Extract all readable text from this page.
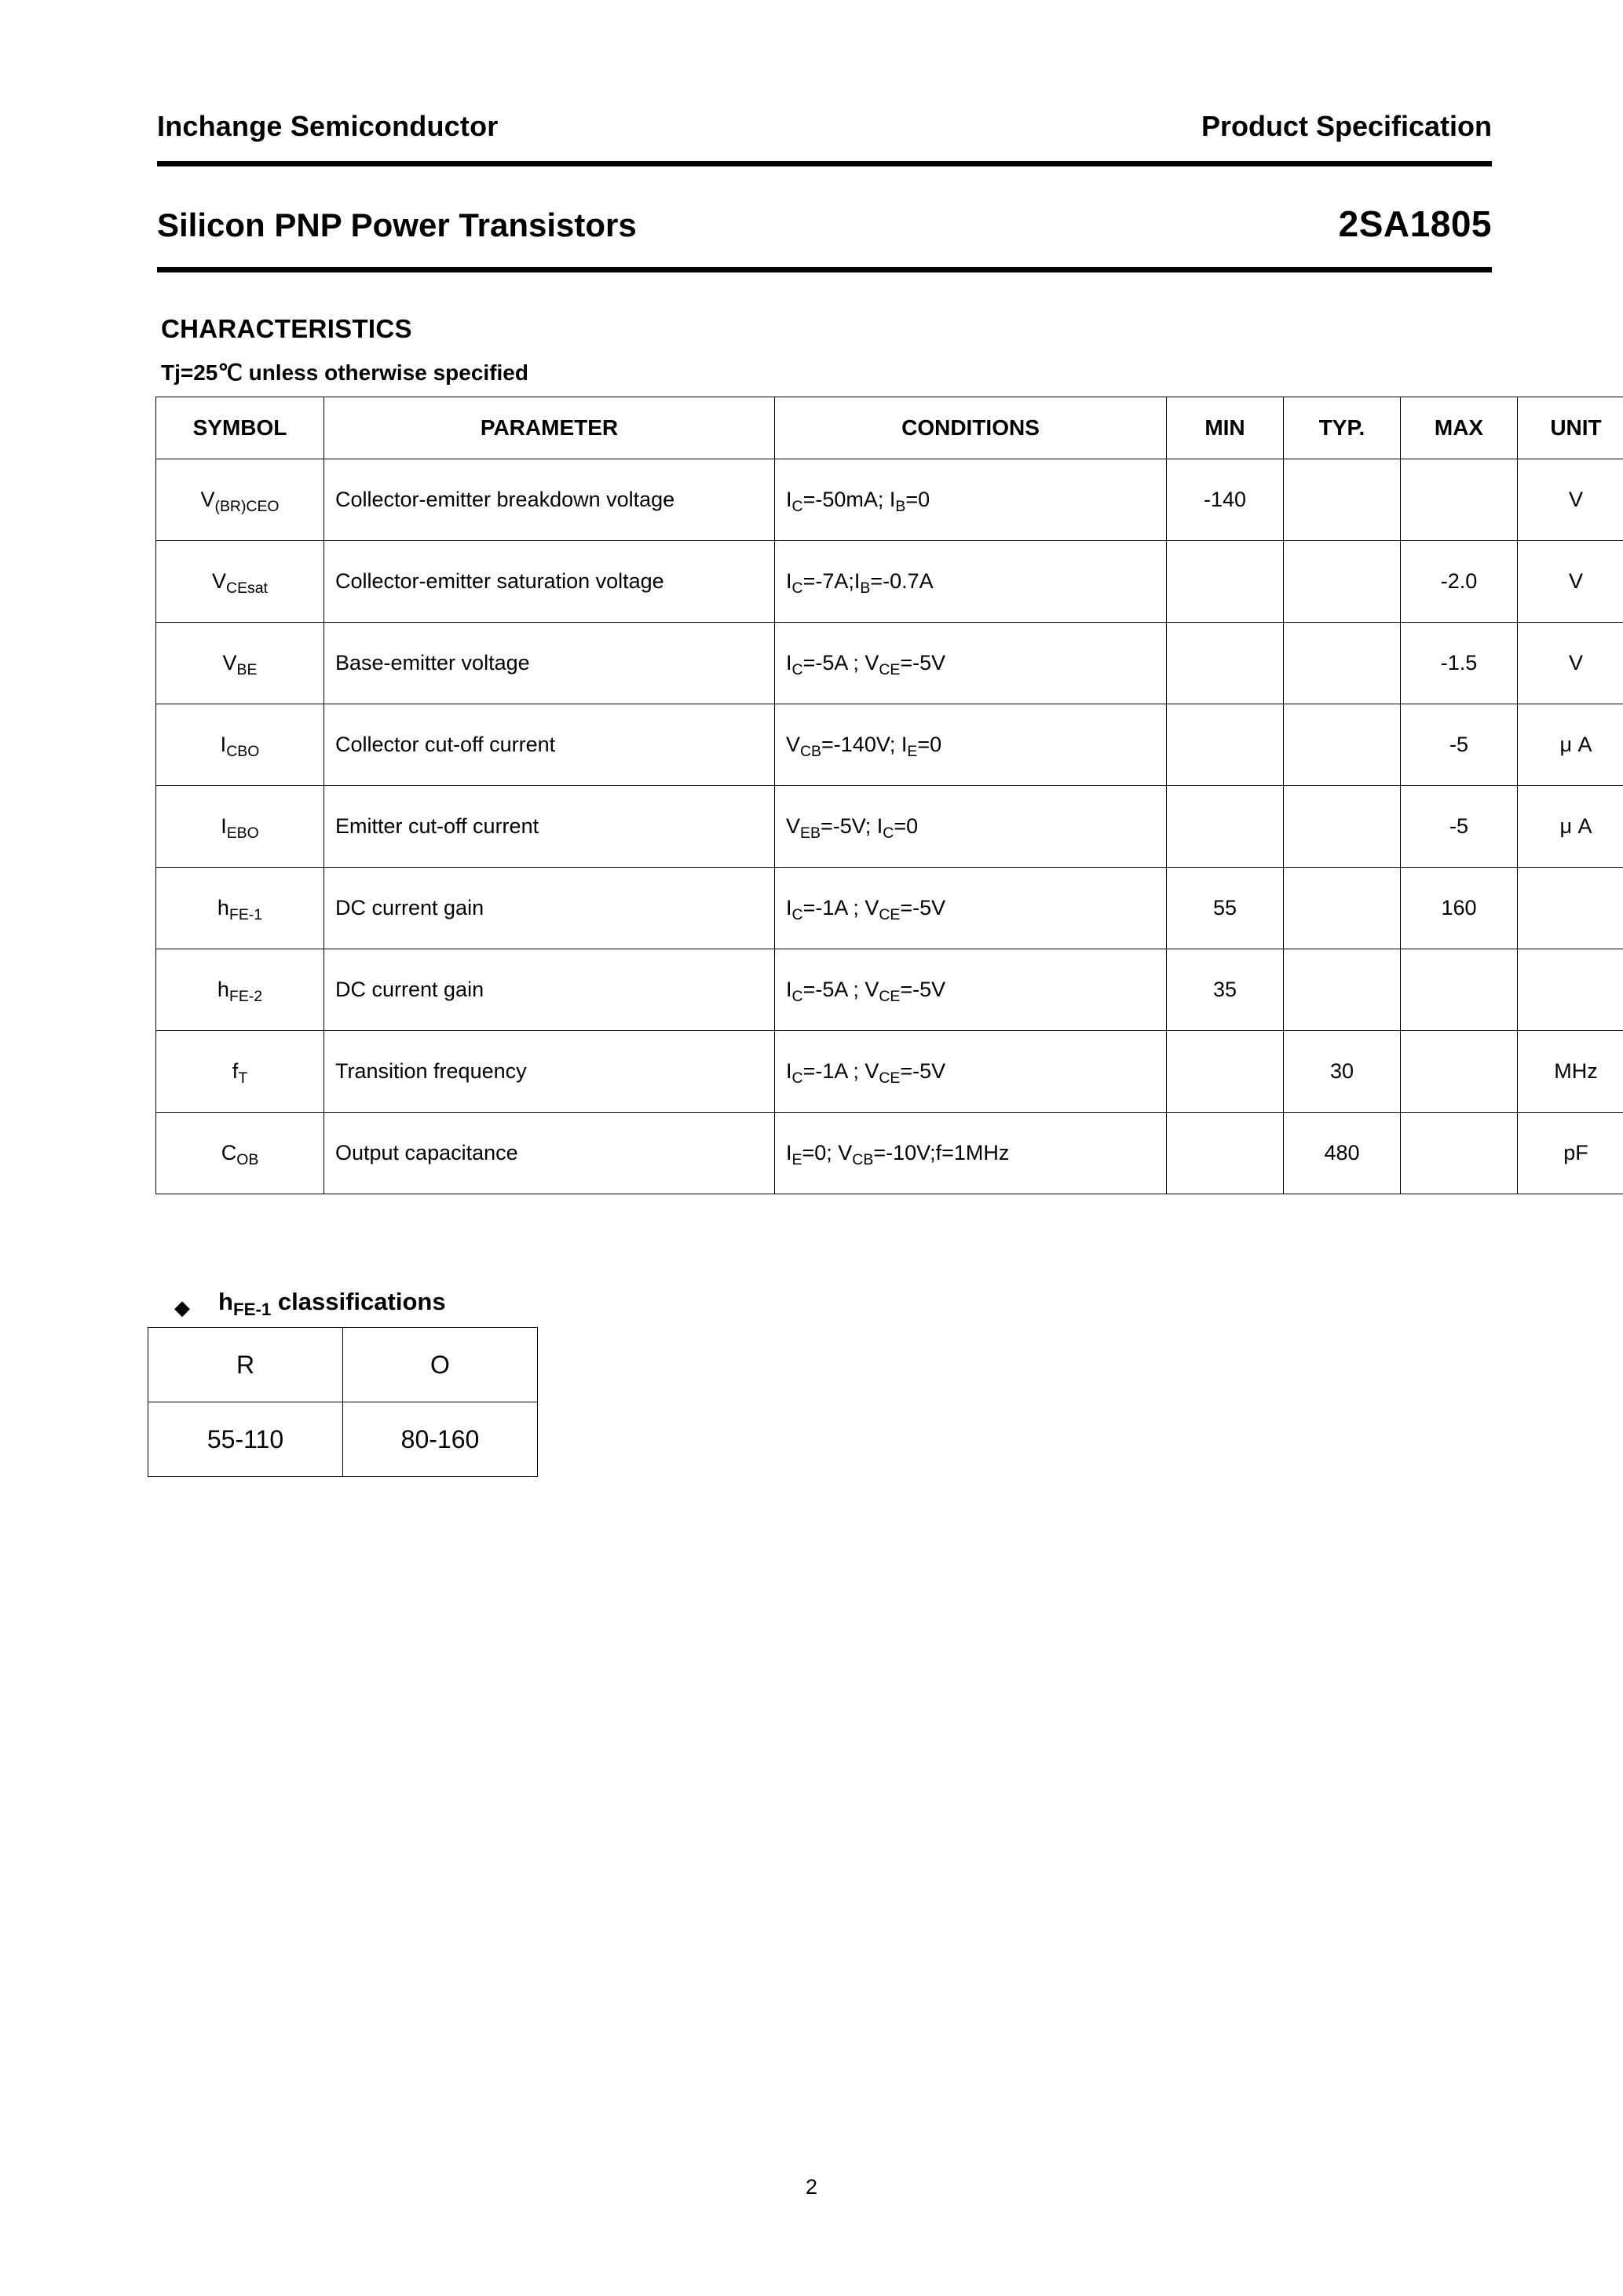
Inchange Semiconductor	Product Specification
Silicon PNP Power Transistors	2SA1805
CHARACTERISTICS
Tj=25℃ unless otherwise specified
SYMBOL	PARAMETER	CONDITIONS	MIN	TYP.	MAX	UNIT
$V_{(BR)CEO}$	Collector-emitter breakdown voltage	$I_C=-50mA$; $I_B=0$	-140			V
$V_{CEsat}$	Collector-emitter saturation voltage	$I_C=-7A;I_B=-0.7A$			-2.0	V
$V_{BE}$	Base-emitter voltage	$I_C=-5A$ ; $V_{CE}=-5V$			-1.5	V
$I_{CBO}$	Collector cut-off current	$V_{CB}=-140V$; $I_E=0$			-5	μ A
$I_{EBO}$	Emitter cut-off current	$V_{EB}=-5V$; $I_C=0$			-5	μ A
$h_{FE-1}$	DC current gain	$I_C=-1A$ ; $V_{CE}=-5V$	55		160	
$h_{FE-2}$	DC current gain	$I_C=-5A$ ; $V_{CE}=-5V$	35			
$f_T$	Transition frequency	$I_C=-1A$ ; $V_{CE}=-5V$		30		MHz
$C_{OB}$	Output capacitance	$I_E=0$; $V_{CB}=-10V;f=1MHz$		480		pF
◆ $h_{FE-1}$ classifications
R	O
55-110	80-160
2
